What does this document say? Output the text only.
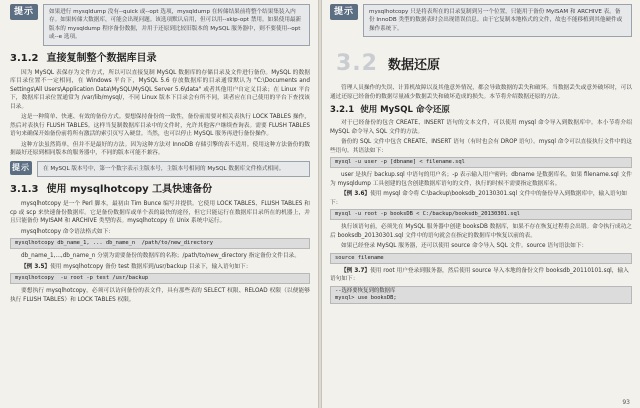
提示	如果进行 mysqldump 没有--quick 或--opt 选项，mysqldump 在转储结果前将整个结果集装入内存。如果转储大数据库，可能会出现问题。该选项默认启用，但可以用--skip-opt 禁用。如果使用最新版本的 mysqldump 程序备份数据，并用于还原到比较旧版本的 MySQL 服务器中，则不要使用--opt 或--e 选项。
3.1.2 直接复制整个数据库目录

因为 MySQL 表保存为文件方式，所以可以直接复制 MySQL 数据库的存储目录及文件进行备份。MySQL 的数据库目录位置不一定相同，在 Windows 平台下，MySQL 5.6 存放数据库的目录通常默认为 "C:\Documents and Settings\All Users\Application Data\MySQL\MySQL Server 5.6\data" 或者其他用户自定义目录；在 Linux 平台下，数据库目录位置通常为 /var/lib/mysql/，不同 Linux 版本下目录会有所不同，读者应在自己使用的平台下查找该目录。

这是一种简单、快速、有效的备份方式。要想保持备份的一致性，备份前需要对相关表执行 LOCK TABLES 操作，然后对表执行 FLUSH TABLES。这样当复制数据库目录中的文件时，允许其他客户继续查询表。需要 FLUSH TABLES 语句来确保开始备份前将所有激活的索引页写入硬盘。当然，也可以停止 MySQL 服务再进行备份操作。

这种方法虽然简单，但并不是最好的方法。因为这种方法对 InnoDB 存储引擎的表不适用。使用这种方法备份的数据最好还原到相同版本的服务器中，不同的版本可能不兼容。

提示	在 MySQL 版本号中，第一个数字表示主版本号，主版本号相同的 MySQL 数据库文件格式相同。
3.1.3 使用 mysqlhotcopy 工具快速备份

mysqlhotcopy 是一个 Perl 脚本，最初由 Tim Bunce 编写并提供。它使用 LOCK TABLES、FLUSH TABLES 和 cp 或 scp 来快速备份数据库。它是备份数据库或单个表的最快的途径，但它只能运行在数据库目录所在的机器上，并且只能备份 MyISAM 和 ARCHIVE 类型的表。mysqlhotcopy 在 Unix 系统中运行。

mysqlhotcopy 命令语法格式如下：

mysqlhotcopy db_name_1, ... db_name_n  /path/to/new_directory

db_name_1,...,db_name_n 分别为需要备份的数据库的名称；/path/to/new_directory 指定备份文件目录。

【例 3.5】使用 mysqlhotcopy 备份 test 数据库到/usr/backup 目录下，输入语句如下：

mysqlhotcopy  -u root -p test /usr/backup

要想执行 mysqlhotcopy，必须可以访问备份的表文件，具有那些表的 SELECT 权限、RELOAD 权限（以便能够执行 FLUSH TABLES）和 LOCK TABLES 权限。

提示	mysqlhotcopy 只是将表所在的目录复制到另一个位置，只能用于备份 MyISAM 和 ARCHIVE 表。备份 InnoDB 类型的数据表时会出现错误信息。由于它复制本地格式的文件，故也不能移植到其他硬件或操作系统下。
3.2 数据还原

管理人员操作的失误、计算机故障以及其他意外情况，都会导致数据的丢失和破坏。当数据丢失或意外破坏时，可以通过还原已经备份的数据尽量减少数据丢失和破坏造成的损失。本节将介绍数据还原的方法。

3.2.1 使用 MySQL 命令还原

对于已经备份的包含 CREATE、INSERT 语句的文本文件，可以使用 mysql 命令导入到数据库中。本小节将介绍 MySQL 命令导入 SQL 文件的方法。

备份的 SQL 文件中包含 CREATE、INSERT 语句（有时也会有 DROP 语句）。mysql 命令可以直接执行文件中的这些语句。其语法如下：

mysql -u user -p [dbname] < filename.sql

user 是执行 backup.sql 中语句的用户名；-p 表示输入用户密码；dbname 是数据库名。如果 filename.sql 文件为 mysqldump 工具创建的包含创建数据库语句的文件，执行的时候不需要指定数据库名。

【例 3.6】使用 mysql 命令将 C:\backup\booksdb_20130301.sql 文件中的备份导入到数据库中，输入语句如下：

mysql -u root -p booksDB < C:/backup/booksdb_20130301.sql

执行该语句前，必须先在 MySQL 服务器中创建 booksDB 数据库，如果不存在恢复过程将会出错。命令执行成功之后 booksdb_20130301.sql 文件中的语句就会在指定的数据库中恢复以前的表。

如果已经登录 MySQL 服务器，还可以使用 source 命令导入 SQL 文件。source 语句语法如下：

source filename

【例 3.7】使用 root 用户登录到服务器，然后使用 source 导入本地的备份文件 booksdb_20110101.sql，输入语句如下：

--选择要恢复到的数据库
mysql> use booksDB;
93
